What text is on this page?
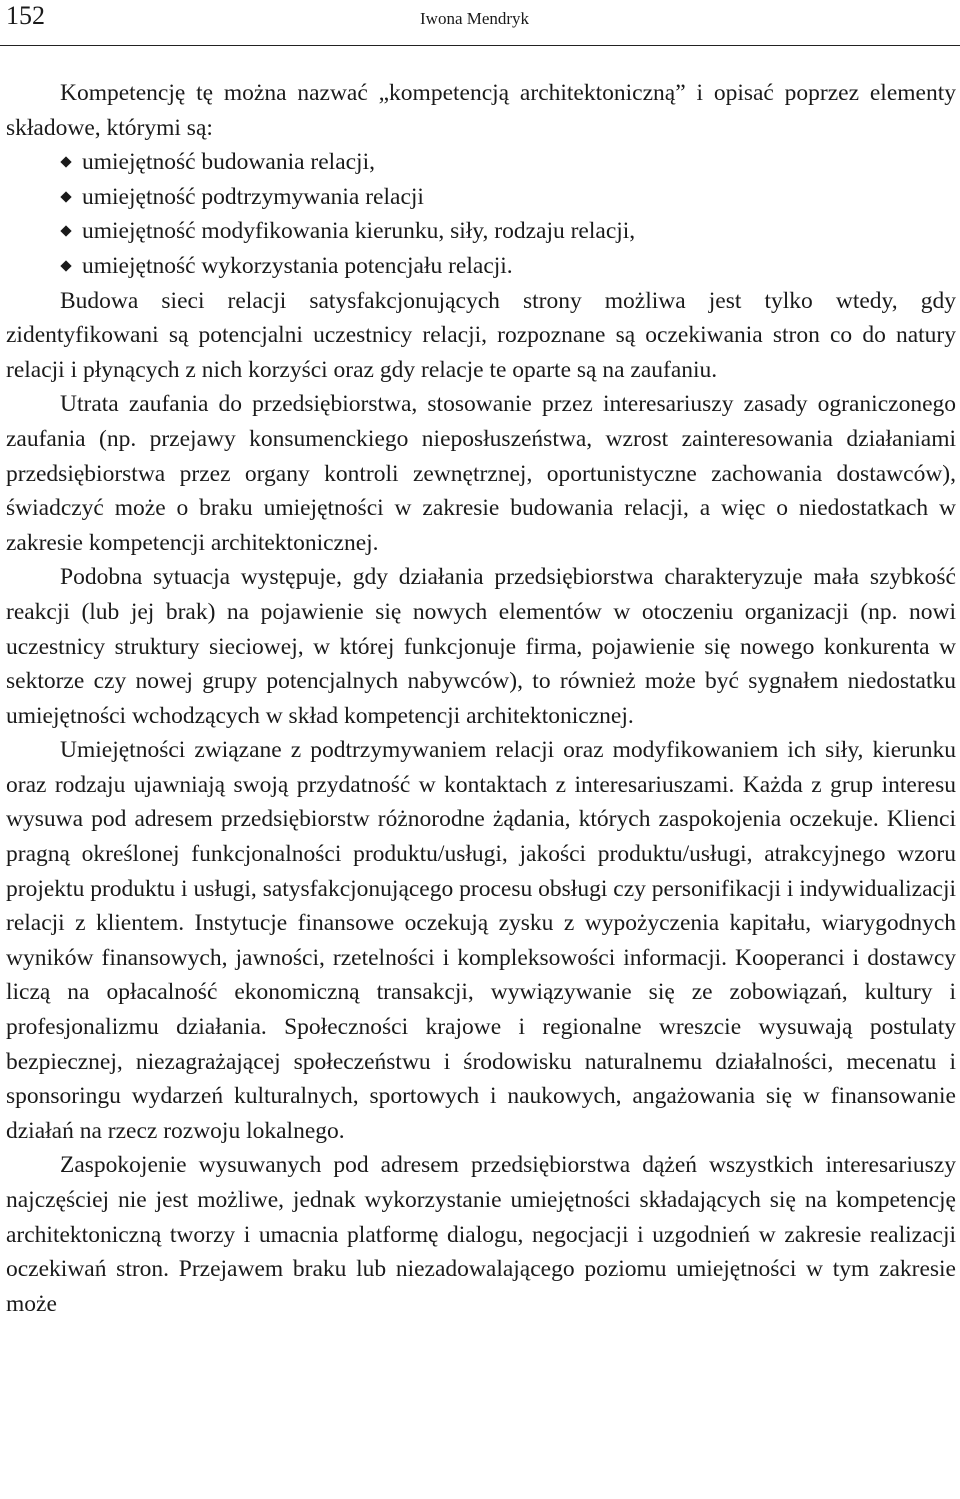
152	Iwona Mendryk

Kompetencję tę można nazwać „kompetencją architektoniczną” i opisać poprzez elementy składowe, którymi są:

umiejętność budowania relacji,
umiejętność podtrzymywania relacji
umiejętność modyfikowania kierunku, siły, rodzaju relacji,
umiejętność wykorzystania potencjału relacji.

Budowa sieci relacji satysfakcjonujących strony możliwa jest tylko wtedy, gdy zidentyfikowani są potencjalni uczestnicy relacji, rozpoznane są oczekiwania stron co do natury relacji i płynących z nich korzyści oraz gdy relacje te oparte są na zaufaniu.

Utrata zaufania do przedsiębiorstwa, stosowanie przez interesariuszy zasady ograniczonego zaufania (np. przejawy konsumenckiego nieposłuszeństwa, wzrost zainteresowania działaniami przedsiębiorstwa przez organy kontroli zewnętrznej, oportunistyczne zachowania dostawców), świadczyć może o braku umiejętności w zakresie budowania relacji, a więc o niedostatkach w zakresie kompetencji architektonicznej.

Podobna sytuacja występuje, gdy działania przedsiębiorstwa charakteryzuje mała szybkość reakcji (lub jej brak) na pojawienie się nowych elementów w otoczeniu organizacji (np. nowi uczestnicy struktury sieciowej, w której funkcjonuje firma, pojawienie się nowego konkurenta w sektorze czy nowej grupy potencjalnych nabywców), to również może być sygnałem niedostatku umiejętności wchodzących w skład kompetencji architektonicznej.

Umiejętności związane z podtrzymywaniem relacji oraz modyfikowaniem ich siły, kierunku oraz rodzaju ujawniają swoją przydatność w kontaktach z interesariuszami. Każda z grup interesu wysuwa pod adresem przedsiębiorstw różnorodne żądania, których zaspokojenia oczekuje. Klienci pragną określonej funkcjonalności produktu/usługi, jakości produktu/usługi, atrakcyjnego wzoru projektu produktu i usługi, satysfakcjonującego procesu obsługi czy personifikacji i indywidualizacji relacji z klientem. Instytucje finansowe oczekują zysku z wypożyczenia kapitału, wiarygodnych wyników finansowych, jawności, rzetelności i kompleksowości informacji. Kooperanci i dostawcy liczą na opłacalność ekonomiczną transakcji, wywiązywanie się ze zobowiązań, kultury i profesjonalizmu działania. Społeczności krajowe i regionalne wreszcie wysuwają postulaty bezpiecznej, niezagrażającej społeczeństwu i środowisku naturalnemu działalności, mecenatu i sponsoringu wydarzeń kulturalnych, sportowych i naukowych, angażowania się w finansowanie działań na rzecz rozwoju lokalnego.

Zaspokojenie wysuwanych pod adresem przedsiębiorstwa dążeń wszystkich interesariuszy najczęściej nie jest możliwe, jednak wykorzystanie umiejętności składających się na kompetencję architektoniczną tworzy i umacnia platformę dialogu, negocjacji i uzgodnień w zakresie realizacji oczekiwań stron. Przejawem braku lub niezadowalającego poziomu umiejętności w tym zakresie może
